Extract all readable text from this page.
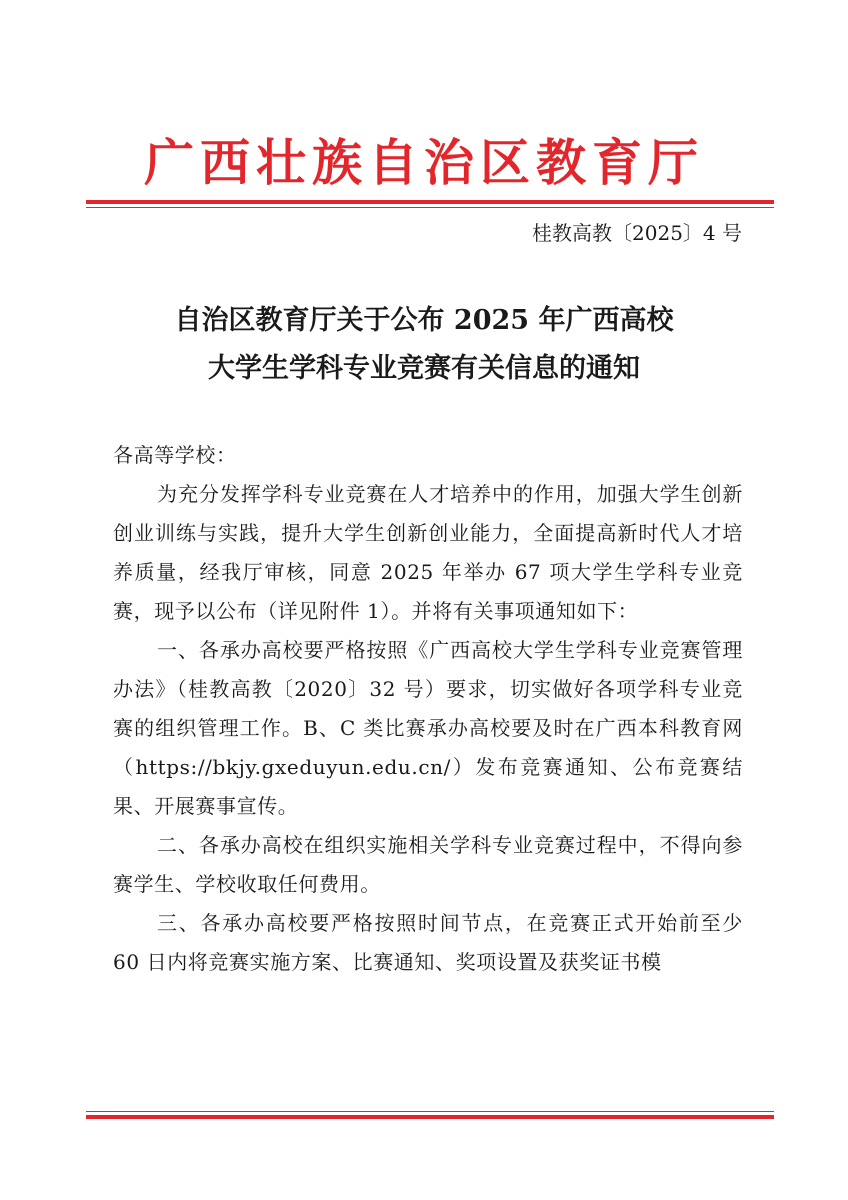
广西壮族自治区教育厅
桂教高教〔2025〕4 号
自治区教育厅关于公布 2025 年广西高校
大学生学科专业竞赛有关信息的通知
各高等学校：
为充分发挥学科专业竞赛在人才培养中的作用，加强大学生创新创业训练与实践，提升大学生创新创业能力，全面提高新时代人才培养质量，经我厅审核，同意 2025 年举办 67 项大学生学科专业竞赛，现予以公布（详见附件 1）。并将有关事项通知如下：
一、各承办高校要严格按照《广西高校大学生学科专业竞赛管理办法》（桂教高教〔2020〕32 号）要求，切实做好各项学科专业竞赛的组织管理工作。B、C 类比赛承办高校要及时在广西本科教育网（https://bkjy.gxeduyun.edu.cn/）发布竞赛通知、公布竞赛结果、开展赛事宣传。
二、各承办高校在组织实施相关学科专业竞赛过程中，不得向参赛学生、学校收取任何费用。
三、各承办高校要严格按照时间节点，在竞赛正式开始前至少 60 日内将竞赛实施方案、比赛通知、奖项设置及获奖证书模
